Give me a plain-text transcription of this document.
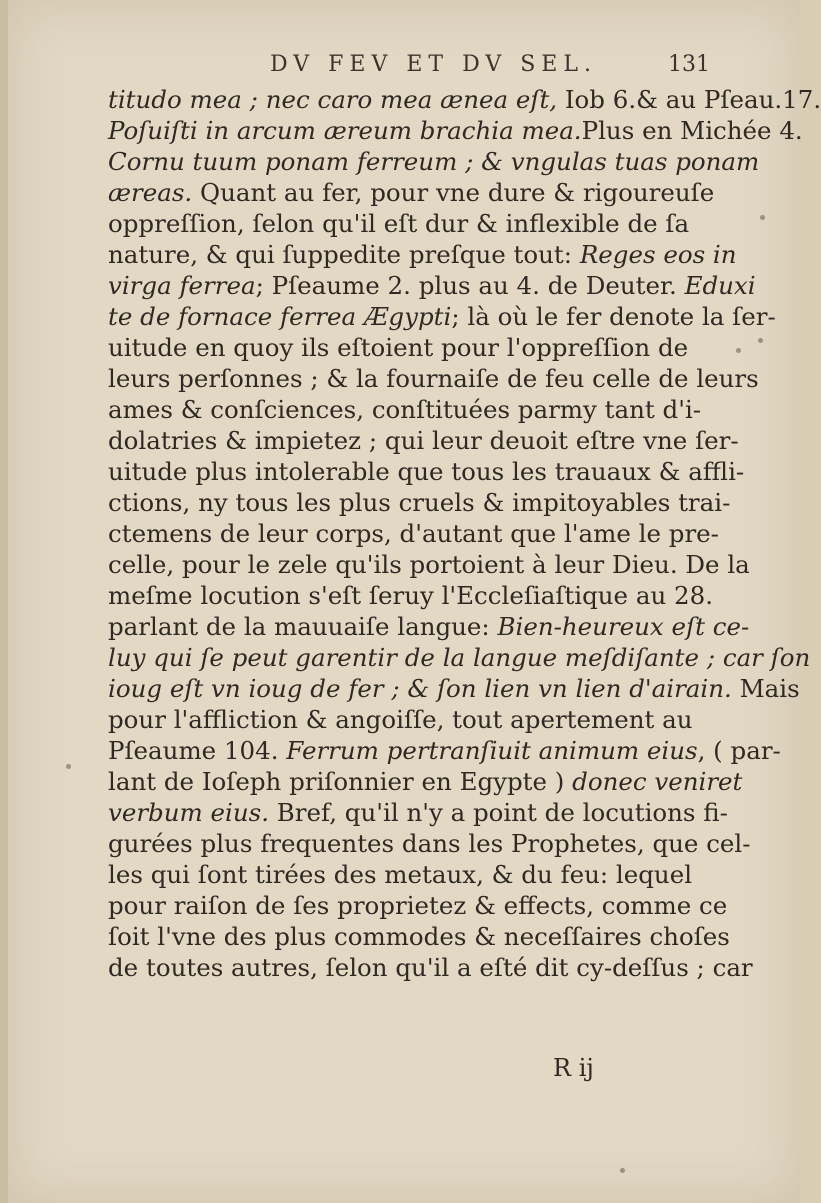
DV FEV ET DV SEL.	131
titudo mea ; nec caro mea ænea eſt, Iob 6.& au Pſeau.17.
Poſuiſti in arcum æreum brachia mea.Plus en Michée 4.
Cornu tuum ponam ferreum ; & vngulas tuas ponam
æreas. Quant au fer, pour vne dure & rigoureuſe
oppreſſion, ſelon qu'il eſt dur & inflexible de ſa
nature, & qui ſuppedite preſque tout: Reges eos in
virga ferrea; Pſeaume 2. plus au 4. de Deuter. Eduxi
te de fornace ferrea Ægypti; là où le fer denote la ſer-
uitude en quoy ils eſtoient pour l'oppreſſion de
leurs perſonnes ; & la fournaiſe de feu celle de leurs
ames & conſciences, conſtituées parmy tant d'i-
dolatries & impietez ; qui leur deuoit eſtre vne ſer-
uitude plus intolerable que tous les trauaux & affli-
ctions, ny tous les plus cruels & impitoyables trai-
ctemens de leur corps, d'autant que l'ame le pre-
celle, pour le zele qu'ils portoient à leur Dieu. De la
meſme locution s'eſt ſeruy l'Eccleſiaſtique au 28.
parlant de la mauuaiſe langue: Bien-heureux eſt ce-
luy qui ſe peut garentir de la langue meſdiſante ; car ſon
ioug eſt vn ioug de fer ; & ſon lien vn lien d'airain. Mais
pour l'affliction & angoiſſe, tout apertement au
Pſeaume 104. Ferrum pertranſiuit animum eius, ( par-
lant de Ioſeph priſonnier en Egypte ) donec veniret
verbum eius. Bref, qu'il n'y a point de locutions fi-
gurées plus frequentes dans les Prophetes, que cel-
les qui ſont tirées des metaux, & du feu: lequel
pour raiſon de ſes proprietez & effects, comme ce
ſoit l'vne des plus commodes & neceſſaires choſes
de toutes autres, ſelon qu'il a eſté dit cy-deſſus ; car
R ij
